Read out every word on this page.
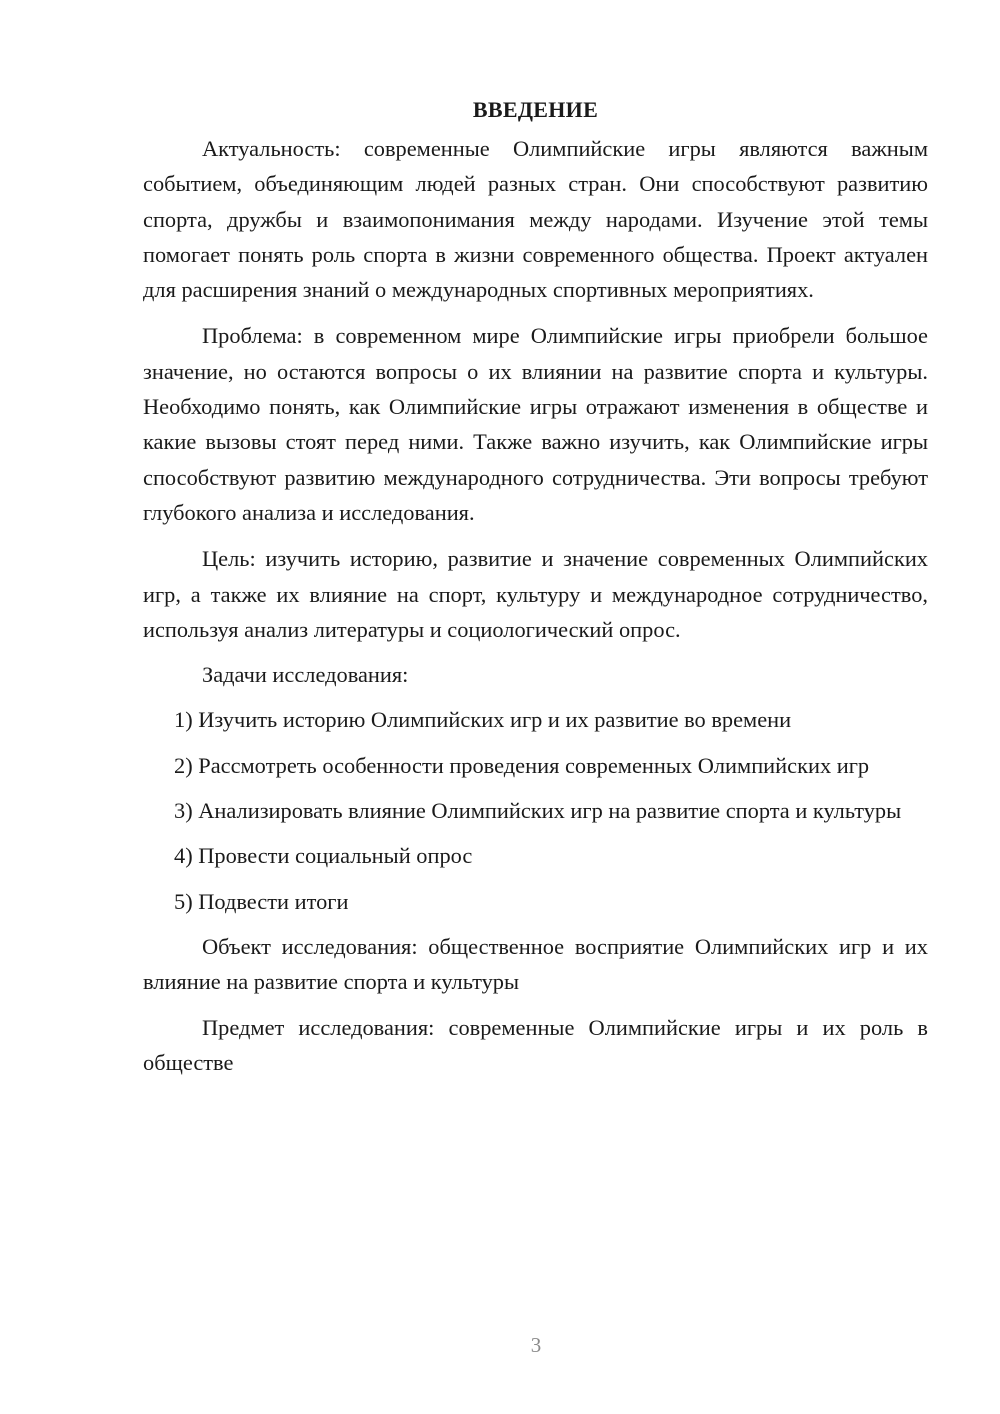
ВВЕДЕНИЕ

Актуальность: современные Олимпийские игры являются важным событием, объединяющим людей разных стран. Они способствуют развитию спорта, дружбы и взаимопонимания между народами. Изучение этой темы помогает понять роль спорта в жизни современного общества. Проект актуален для расширения знаний о международных спортивных мероприятиях.

Проблема: в современном мире Олимпийские игры приобрели большое значение, но остаются вопросы о их влиянии на развитие спорта и культуры. Необходимо понять, как Олимпийские игры отражают изменения в обществе и какие вызовы стоят перед ними. Также важно изучить, как Олимпийские игры способствуют развитию международного сотрудничества. Эти вопросы требуют глубокого анализа и исследования.

Цель: изучить историю, развитие и значение современных Олимпийских игр, а также их влияние на спорт, культуру и международное сотрудничество, используя анализ литературы и социологический опрос.

Задачи исследования:

1) Изучить историю Олимпийских игр и их развитие во времени

2) Рассмотреть особенности проведения современных Олимпийских игр

3) Анализировать влияние Олимпийских игр на развитие спорта и культуры

4) Провести социальный опрос

5) Подвести итоги

Объект исследования: общественное восприятие Олимпийских игр и их влияние на развитие спорта и культуры

Предмет исследования: современные Олимпийские игры и их роль в обществе

3
